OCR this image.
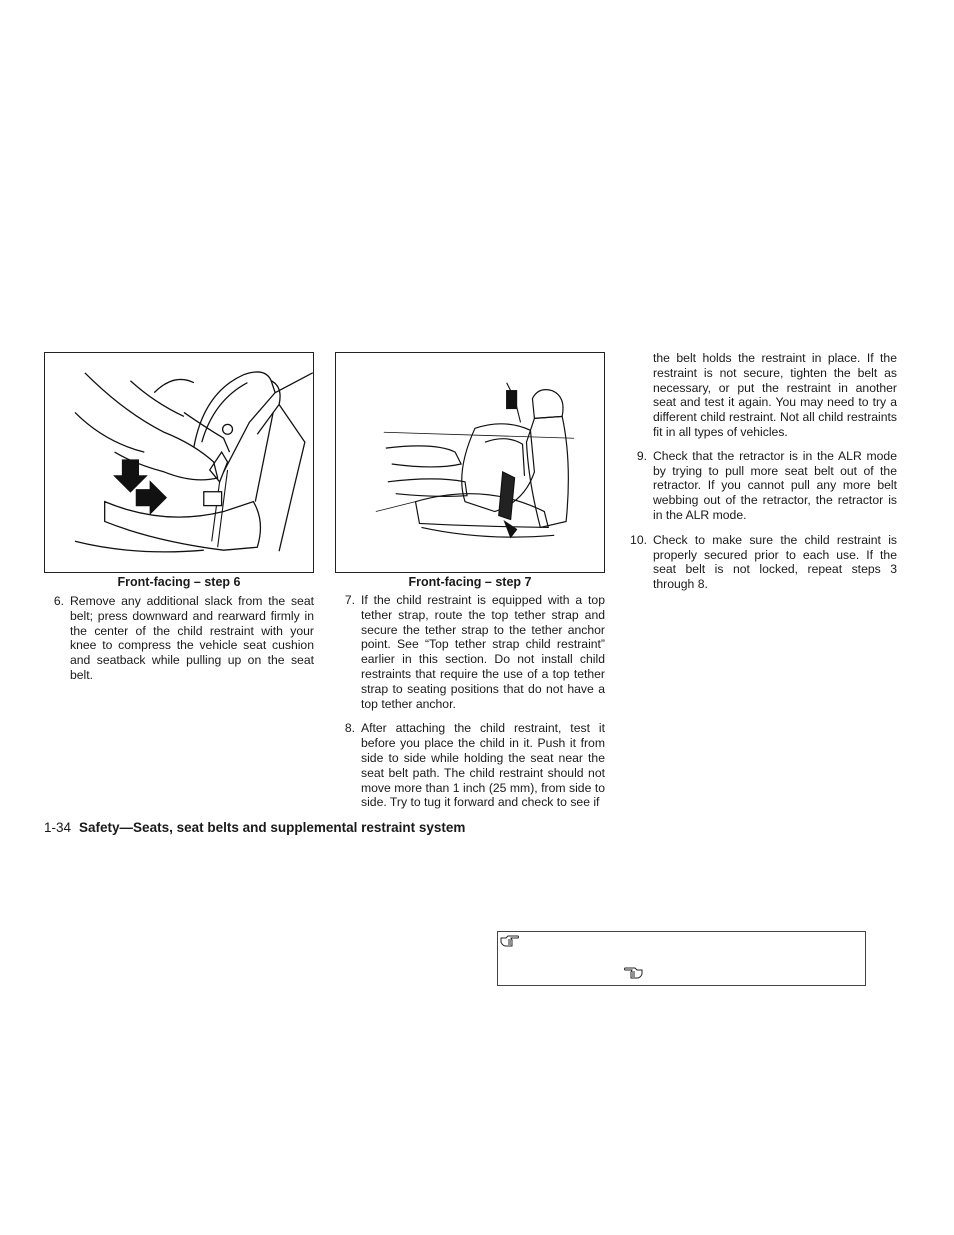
Front-facing – step 6	Front-facing – step 7
6. Remove any additional slack from the seat belt; press downward and rearward firmly in the center of the child restraint with your knee to compress the vehicle seat cushion and seatback while pulling up on the seat belt.
7. If the child restraint is equipped with a top tether strap, route the top tether strap and secure the tether strap to the tether anchor point. See “Top tether strap child restraint” earlier in this section. Do not install child restraints that require the use of a top tether strap to seating positions that do not have a top tether anchor.
8. After attaching the child restraint, test it before you place the child in it. Push it from side to side while holding the seat near the seat belt path. The child restraint should not move more than 1 inch (25 mm), from side to side. Try to tug it forward and check to see if
the belt holds the restraint in place. If the restraint is not secure, tighten the belt as necessary, or put the restraint in another seat and test it again. You may need to try a different child restraint. Not all child restraints fit in all types of vehicles.
9. Check that the retractor is in the ALR mode by trying to pull more seat belt out of the retractor. If you cannot pull any more belt webbing out of the retractor, the retractor is in the ALR mode.
10. Check to make sure the child restraint is properly secured prior to each use. If the seat belt is not locked, repeat steps 3 through 8.
1-34 Safety—Seats, seat belts and supplemental restraint system
